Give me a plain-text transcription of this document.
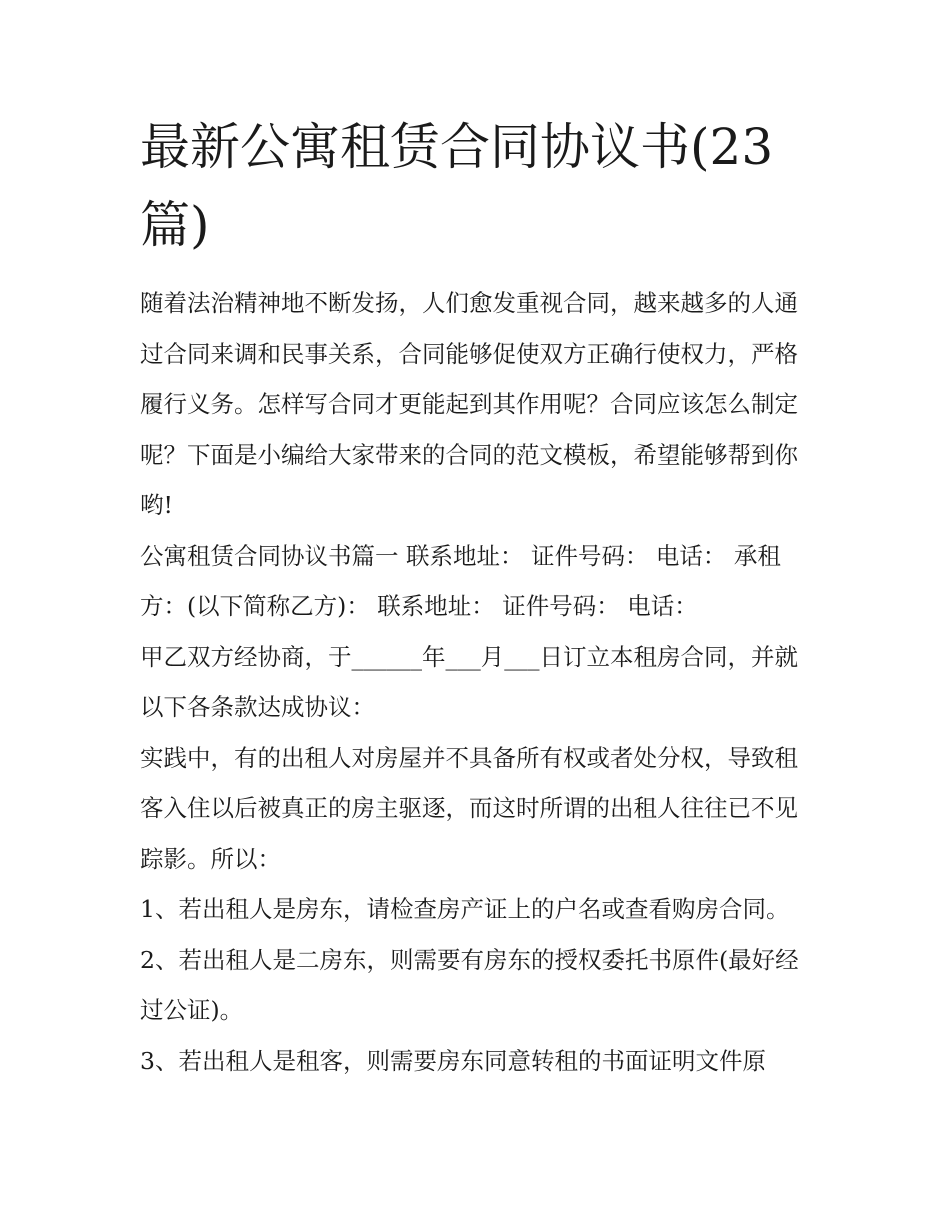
最新公寓租赁合同协议书(23篇)

随着法治精神地不断发扬，人们愈发重视合同，越来越多的人通过合同来调和民事关系，合同能够促使双方正确行使权力，严格履行义务。怎样写合同才更能起到其作用呢？合同应该怎么制定呢？下面是小编给大家带来的合同的范文模板，希望能够帮到你哟!

公寓租赁合同协议书篇一 联系地址： 证件号码： 电话： 承租方：(以下简称乙方)： 联系地址： 证件号码： 电话：

甲乙双方经协商，于______年___月___日订立本租房合同，并就以下各条款达成协议：

实践中，有的出租人对房屋并不具备所有权或者处分权，导致租客入住以后被真正的房主驱逐，而这时所谓的出租人往往已不见踪影。所以：

1、若出租人是房东，请检查房产证上的户名或查看购房合同。 2、若出租人是二房东，则需要有房东的授权委托书原件(最好经过公证)。

3、若出租人是租客，则需要房东同意转租的书面证明文件原
